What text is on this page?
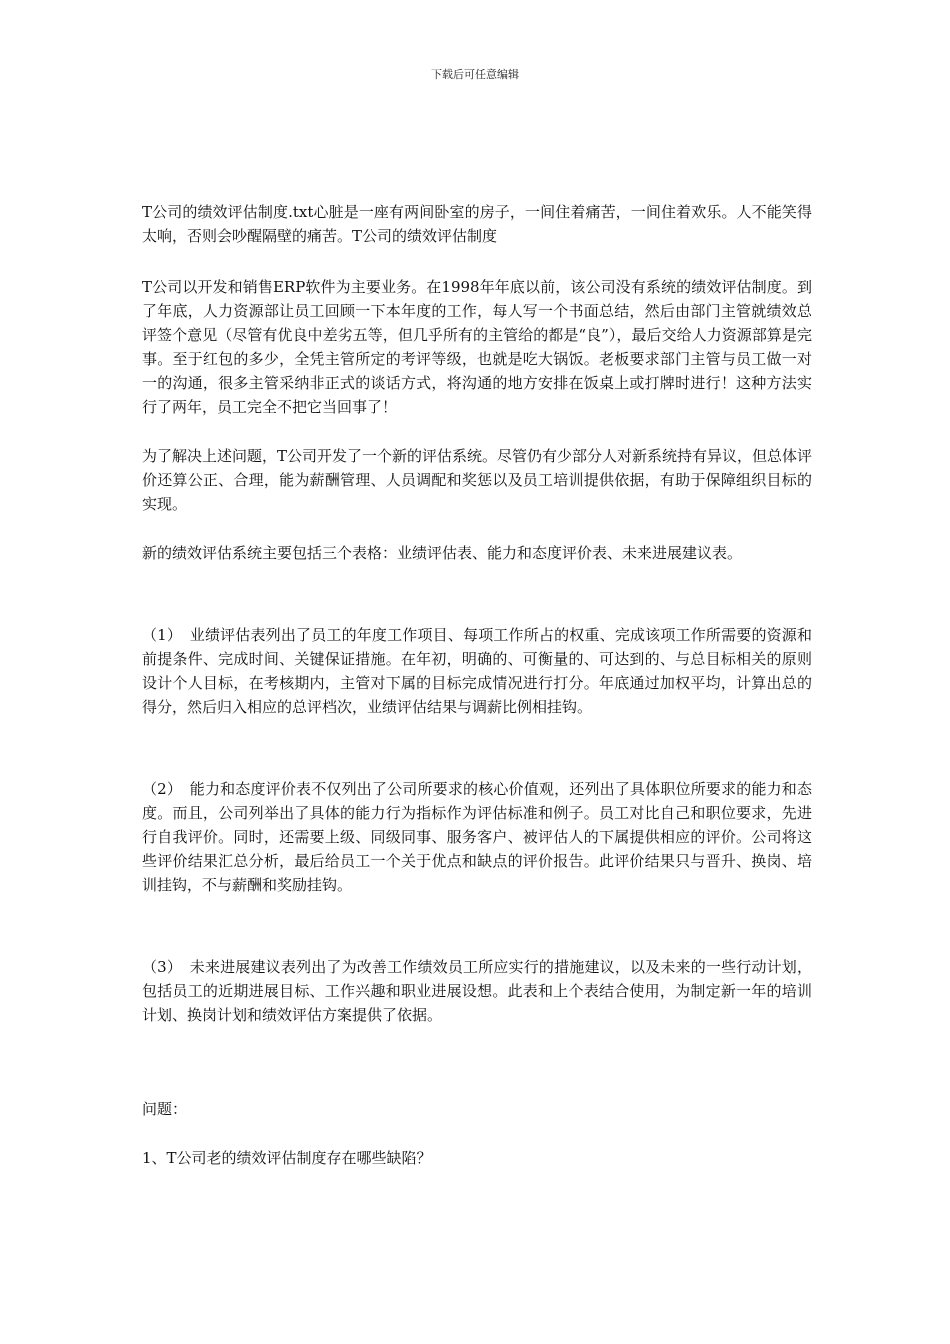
下载后可任意编辑

T公司的绩效评估制度.txt心脏是一座有两间卧室的房子，一间住着痛苦，一间住着欢乐。人不能笑得太响，否则会吵醒隔壁的痛苦。T公司的绩效评估制度

T公司以开发和销售ERP软件为主要业务。在1998年年底以前，该公司没有系统的绩效评估制度。到了年底，人力资源部让员工回顾一下本年度的工作，每人写一个书面总结，然后由部门主管就绩效总评签个意见（尽管有优良中差劣五等，但几乎所有的主管给的都是“良”），最后交给人力资源部算是完事。至于红包的多少，全凭主管所定的考评等级，也就是吃大锅饭。老板要求部门主管与员工做一对一的沟通，很多主管采纳非正式的谈话方式，将沟通的地方安排在饭桌上或打牌时进行！这种方法实行了两年，员工完全不把它当回事了！

为了解决上述问题，T公司开发了一个新的评估系统。尽管仍有少部分人对新系统持有异议，但总体评价还算公正、合理，能为薪酬管理、人员调配和奖惩以及员工培训提供依据，有助于保障组织目标的实现。

新的绩效评估系统主要包括三个表格：业绩评估表、能力和态度评价表、未来进展建议表。

（1）　业绩评估表列出了员工的年度工作项目、每项工作所占的权重、完成该项工作所需要的资源和前提条件、完成时间、关键保证措施。在年初，明确的、可衡量的、可达到的、与总目标相关的原则设计个人目标，在考核期内，主管对下属的目标完成情况进行打分。年底通过加权平均，计算出总的得分，然后归入相应的总评档次，业绩评估结果与调薪比例相挂钩。

（2）　能力和态度评价表不仅列出了公司所要求的核心价值观，还列出了具体职位所要求的能力和态度。而且，公司列举出了具体的能力行为指标作为评估标准和例子。员工对比自己和职位要求，先进行自我评价。同时，还需要上级、同级同事、服务客户、被评估人的下属提供相应的评价。公司将这些评价结果汇总分析，最后给员工一个关于优点和缺点的评价报告。此评价结果只与晋升、换岗、培训挂钩，不与薪酬和奖励挂钩。

（3）　未来进展建议表列出了为改善工作绩效员工所应实行的措施建议，以及未来的一些行动计划，包括员工的近期进展目标、工作兴趣和职业进展设想。此表和上个表结合使用，为制定新一年的培训计划、换岗计划和绩效评估方案提供了依据。

问题：

1、T公司老的绩效评估制度存在哪些缺陷？
